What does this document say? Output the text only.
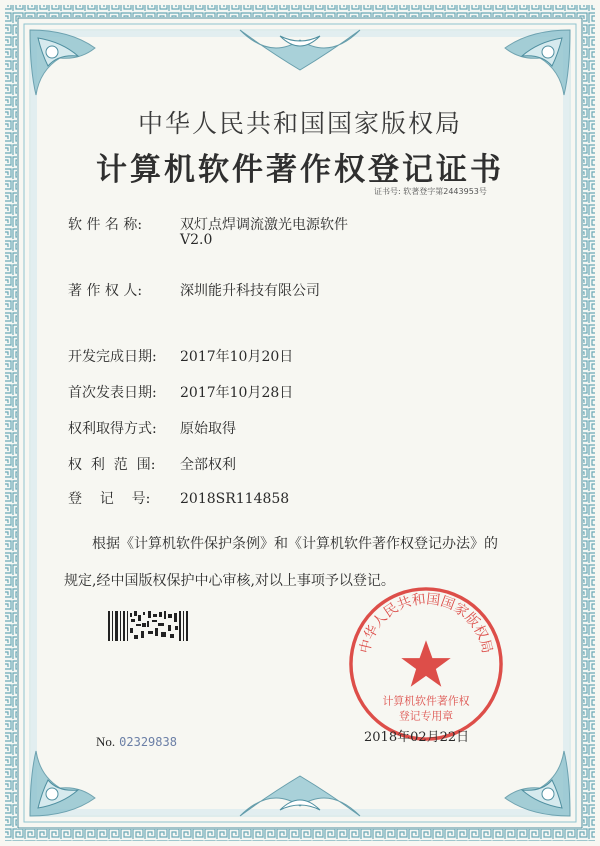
中华人民共和国国家版权局
计算机软件著作权登记证书
证书号: 软著登字第2443953号
软 件 名 称:	双灯点焊调流激光电源软件
V2.0
著 作 权 人:	深圳能升科技有限公司
开发完成日期: 2017年10月20日
首次发表日期: 2017年10月28日
权利取得方式: 原始取得
权  利  范  围: 全部权利
登    记    号: 2018SR114858
根据《计算机软件保护条例》和《计算机软件著作权登记办法》的
规定,经中国版权保护中心审核,对以上事项予以登记。
中华人民共和国国家版权局
计算机软件著作权
登记专用章
No. 02329838	2018年02月22日
